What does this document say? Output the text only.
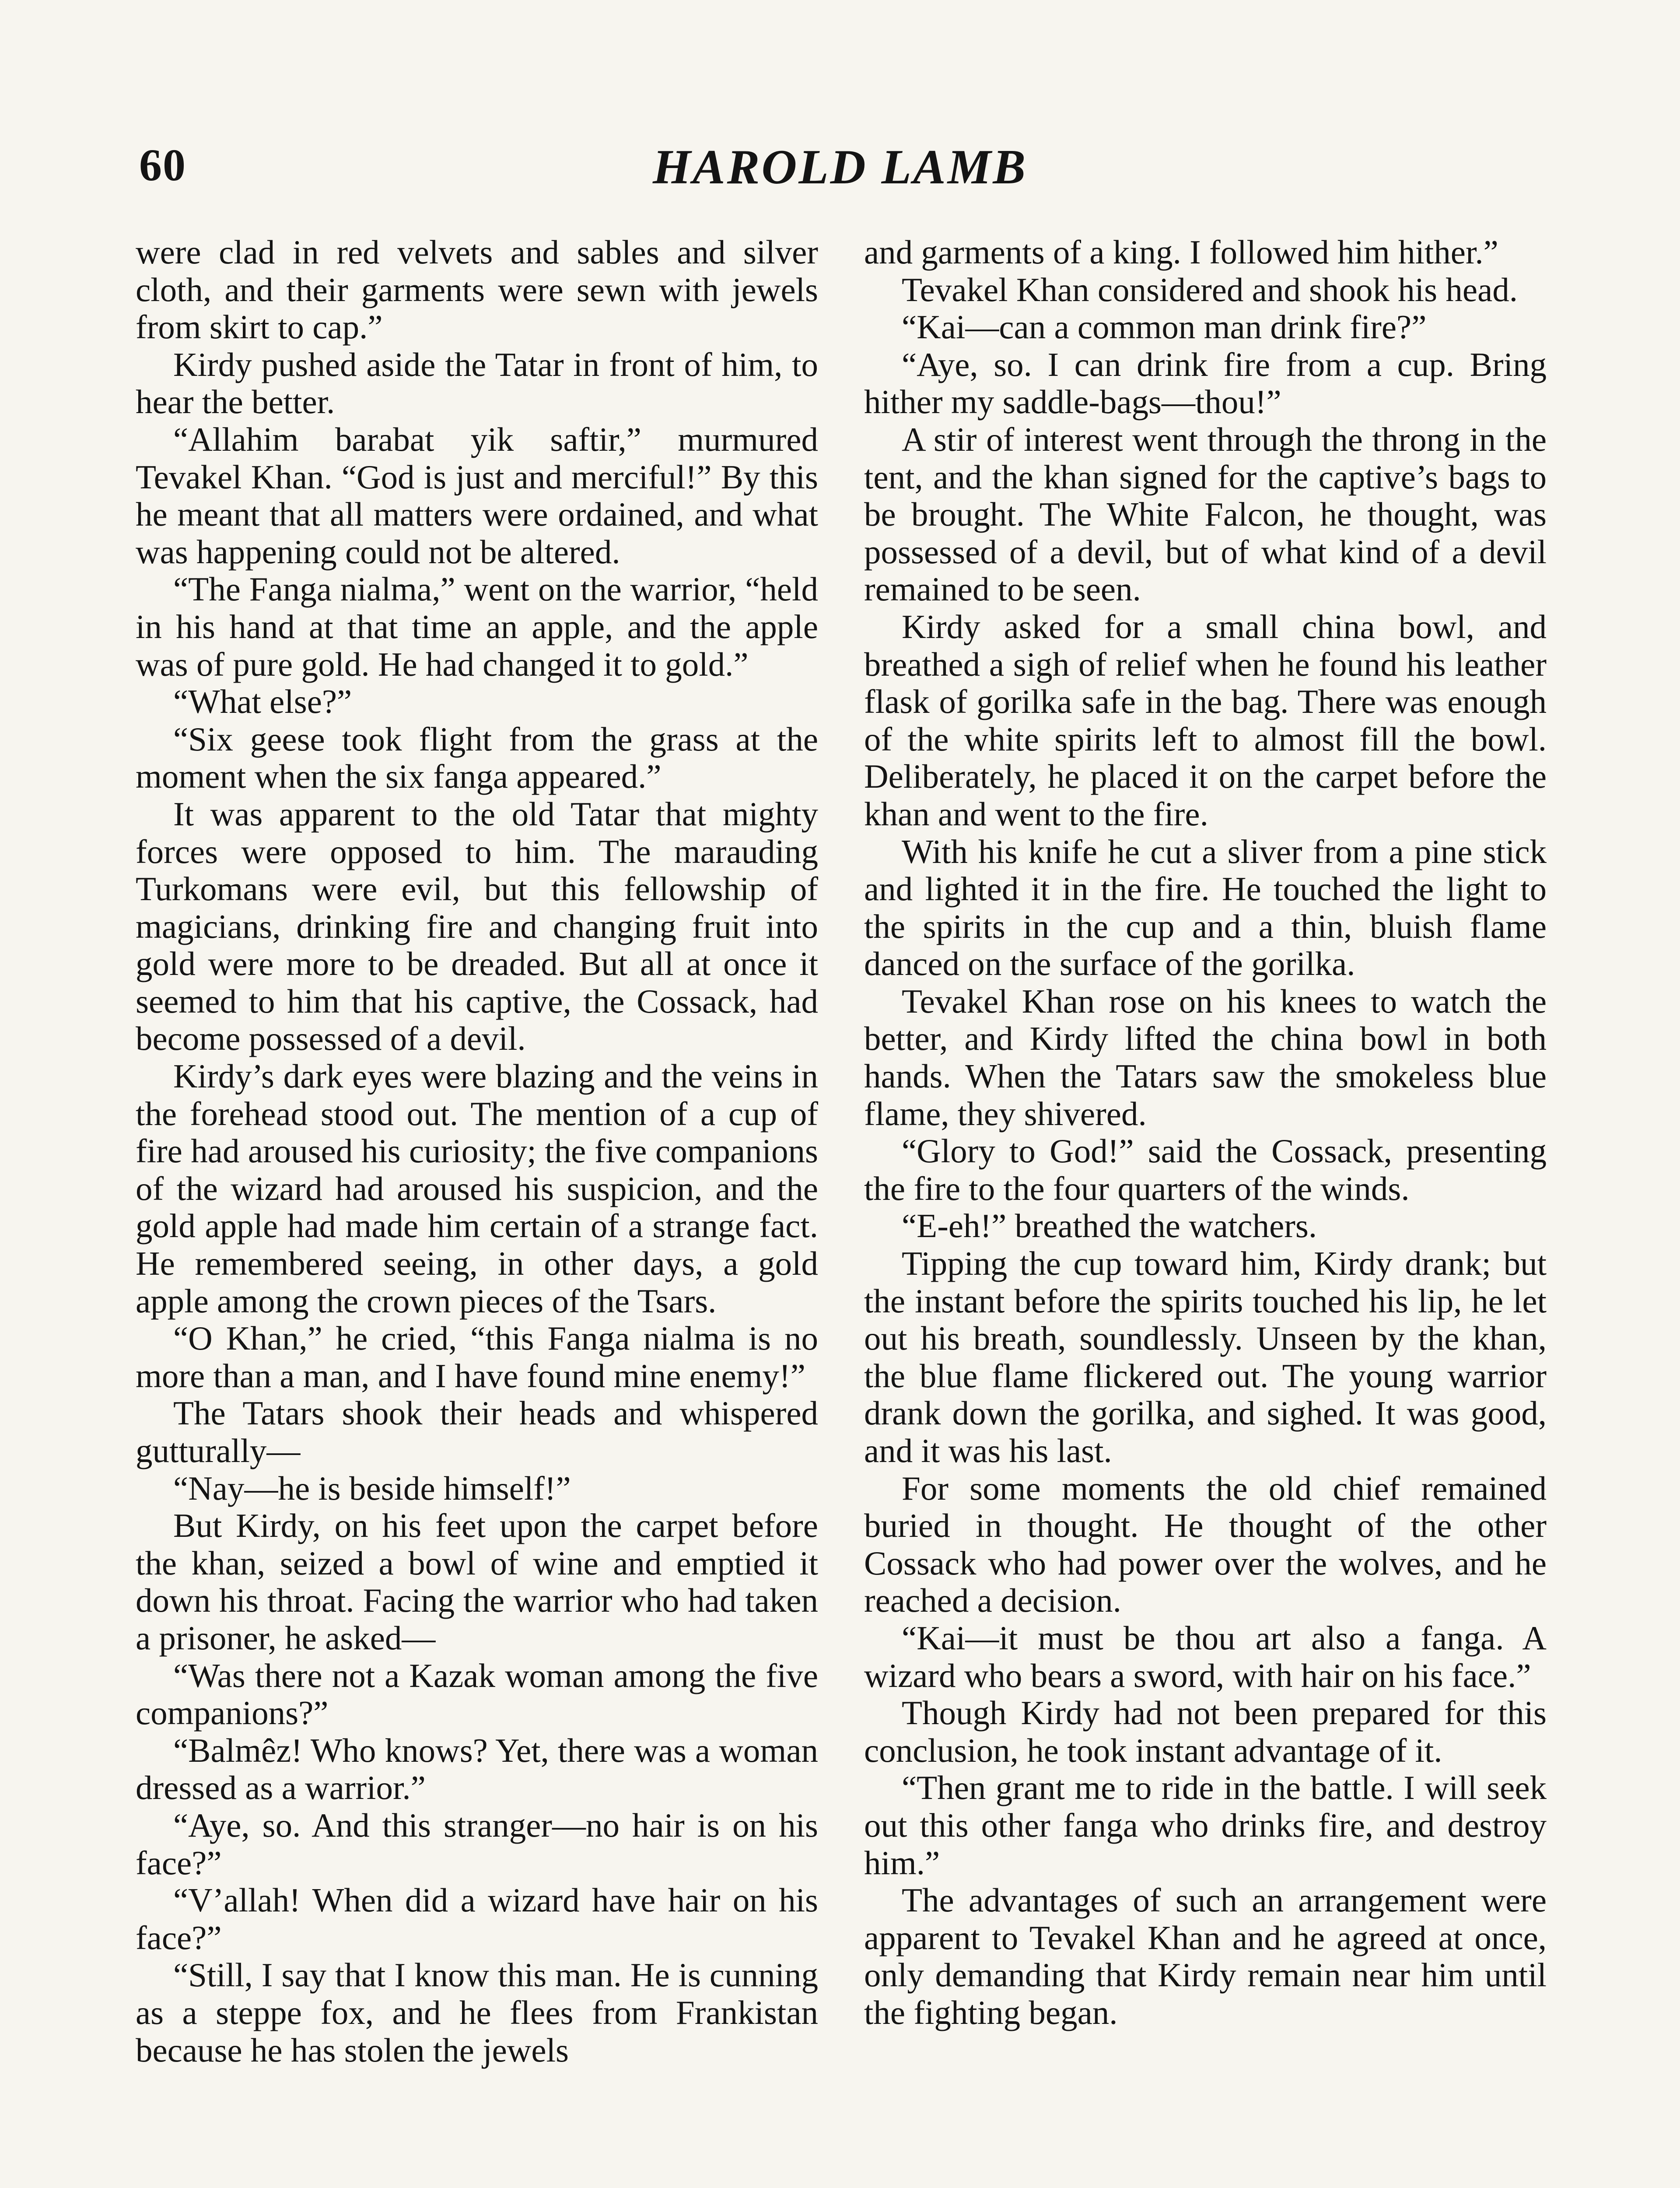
60	HAROLD LAMB

were clad in red velvets and sables and silver cloth, and their garments were sewn with jewels from skirt to cap.”

Kirdy pushed aside the Tatar in front of him, to hear the better.

“Allahim barabat yik saftir,” murmured Tevakel Khan. “God is just and merciful!” By this he meant that all matters were ordained, and what was happening could not be altered.

“The Fanga nialma,” went on the warrior, “held in his hand at that time an apple, and the apple was of pure gold. He had changed it to gold.”

“What else?”

“Six geese took flight from the grass at the moment when the six fanga appeared.”

It was apparent to the old Tatar that mighty forces were opposed to him. The marauding Turkomans were evil, but this fellowship of magicians, drinking fire and changing fruit into gold were more to be dreaded. But all at once it seemed to him that his captive, the Cossack, had become possessed of a devil.

Kirdy’s dark eyes were blazing and the veins in the forehead stood out. The mention of a cup of fire had aroused his curiosity; the five companions of the wizard had aroused his suspicion, and the gold apple had made him certain of a strange fact. He remembered seeing, in other days, a gold apple among the crown pieces of the Tsars.

“O Khan,” he cried, “this Fanga nialma is no more than a man, and I have found mine enemy!”

The Tatars shook their heads and whispered gutturally—

“Nay—he is beside himself!”

But Kirdy, on his feet upon the carpet before the khan, seized a bowl of wine and emptied it down his throat. Facing the warrior who had taken a prisoner, he asked—

“Was there not a Kazak woman among the five companions?”

“Balmêz! Who knows? Yet, there was a woman dressed as a warrior.”

“Aye, so. And this stranger—no hair is on his face?”

“V’allah! When did a wizard have hair on his face?”

“Still, I say that I know this man. He is cunning as a steppe fox, and he flees from Frankistan because he has stolen the jewels

and garments of a king. I followed him hither.”

Tevakel Khan considered and shook his head.

“Kai—can a common man drink fire?”

“Aye, so. I can drink fire from a cup. Bring hither my saddle-bags—thou!”

A stir of interest went through the throng in the tent, and the khan signed for the captive’s bags to be brought. The White Falcon, he thought, was possessed of a devil, but of what kind of a devil remained to be seen.

Kirdy asked for a small china bowl, and breathed a sigh of relief when he found his leather flask of gorilka safe in the bag. There was enough of the white spirits left to almost fill the bowl. Deliberately, he placed it on the carpet before the khan and went to the fire.

With his knife he cut a sliver from a pine stick and lighted it in the fire. He touched the light to the spirits in the cup and a thin, bluish flame danced on the surface of the gorilka.

Tevakel Khan rose on his knees to watch the better, and Kirdy lifted the china bowl in both hands. When the Tatars saw the smokeless blue flame, they shivered.

“Glory to God!” said the Cossack, presenting the fire to the four quarters of the winds.

“E-eh!” breathed the watchers.

Tipping the cup toward him, Kirdy drank; but the instant before the spirits touched his lip, he let out his breath, soundlessly. Unseen by the khan, the blue flame flickered out. The young warrior drank down the gorilka, and sighed. It was good, and it was his last.

For some moments the old chief remained buried in thought. He thought of the other Cossack who had power over the wolves, and he reached a decision.

“Kai—it must be thou art also a fanga. A wizard who bears a sword, with hair on his face.”

Though Kirdy had not been prepared for this conclusion, he took instant advantage of it.

“Then grant me to ride in the battle. I will seek out this other fanga who drinks fire, and destroy him.”

The advantages of such an arrangement were apparent to Tevakel Khan and he agreed at once, only demanding that Kirdy remain near him until the fighting began.
